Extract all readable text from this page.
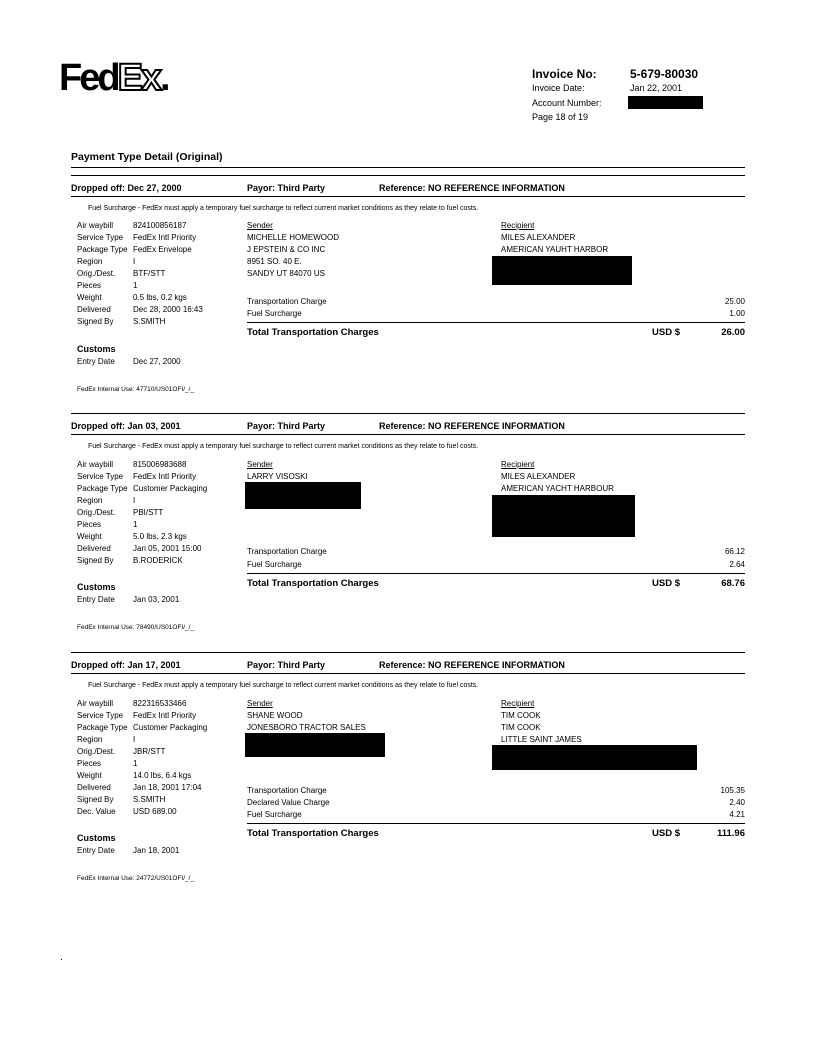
FedEx.	Invoice No:	5-679-80030
Invoice Date:	Jan 22, 2001
Account Number:
Page 18 of 19
Payment Type Detail (Original)
Dropped off: Dec 27, 2000	Payor: Third Party	Reference: NO REFERENCE INFORMATION
Fuel Surcharge - FedEx must apply a temporary fuel surcharge to reflect current market conditions as they relate to fuel costs.
Air waybill 824100856187
Service Type FedEx Intl Priority
Package Type FedEx Envelope
Region	I
Orig./Dest. BTF/STT
Pieces	1
Weight	0.5 lbs, 0.2 kgs
Delivered	Dec 28, 2000 16:43
Signed By S.SMITH
Sender
MICHELLE HOMEWOOD
J EPSTEIN & CO INC
8951 SO. 40 E.
SANDY UT 84070 US
Recipient
MILES ALEXANDER
AMERICAN YAUHT HARBOR
Transportation Charge	25.00
Fuel Surcharge	1.00
Total Transportation Charges	USD $	26.00
Customs
Entry Date Dec 27, 2000
FedEx Internal Use: 47710/US01OFI/_/_
Dropped off: Jan 03, 2001	Payor: Third Party	Reference: NO REFERENCE INFORMATION
Fuel Surcharge - FedEx must apply a temporary fuel surcharge to reflect current market conditions as they relate to fuel costs.
Air waybill 815006983688
Service Type FedEx Intl Priority
Package Type Customer Packaging
Region	I
Orig./Dest. PBI/STT
Pieces	1
Weight	5.0 lbs, 2.3 kgs
Delivered	Jan 05, 2001 15:00
Signed By B.RODERICK
Sender
LARRY VISOSKI
Recipient
MILES ALEXANDER
AMERICAN YACHT HARBOUR
Transportation Charge	66.12
Fuel Surcharge	2.64
Total Transportation Charges	USD $	68.76
Customs
Entry Date Jan 03, 2001
FedEx Internal Use: 78490/US01OFI/_/_
Dropped off: Jan 17, 2001	Payor: Third Party	Reference: NO REFERENCE INFORMATION
Fuel Surcharge - FedEx must apply a temporary fuel surcharge to reflect current market conditions as they relate to fuel costs.
Air waybill 822316533466
Service Type FedEx Intl Priority
Package Type Customer Packaging
Region	I
Orig./Dest. JBR/STT
Pieces	1
Weight	14.0 lbs, 6.4 kgs
Delivered	Jan 18, 2001 17:04
Signed By S.SMITH
Dec. Value USD 689.00
Sender
SHANE WOOD
JONESBORO TRACTOR SALES
Recipient
TIM COOK
TIM COOK
LITTLE SAINT JAMES
Transportation Charge	105.35
Declared Value Charge	2.40
Fuel Surcharge	4.21
Total Transportation Charges	USD $	111.96
Customs
Entry Date Jan 18, 2001
FedEx Internal Use: 24772/US01OFI/_/_
.
